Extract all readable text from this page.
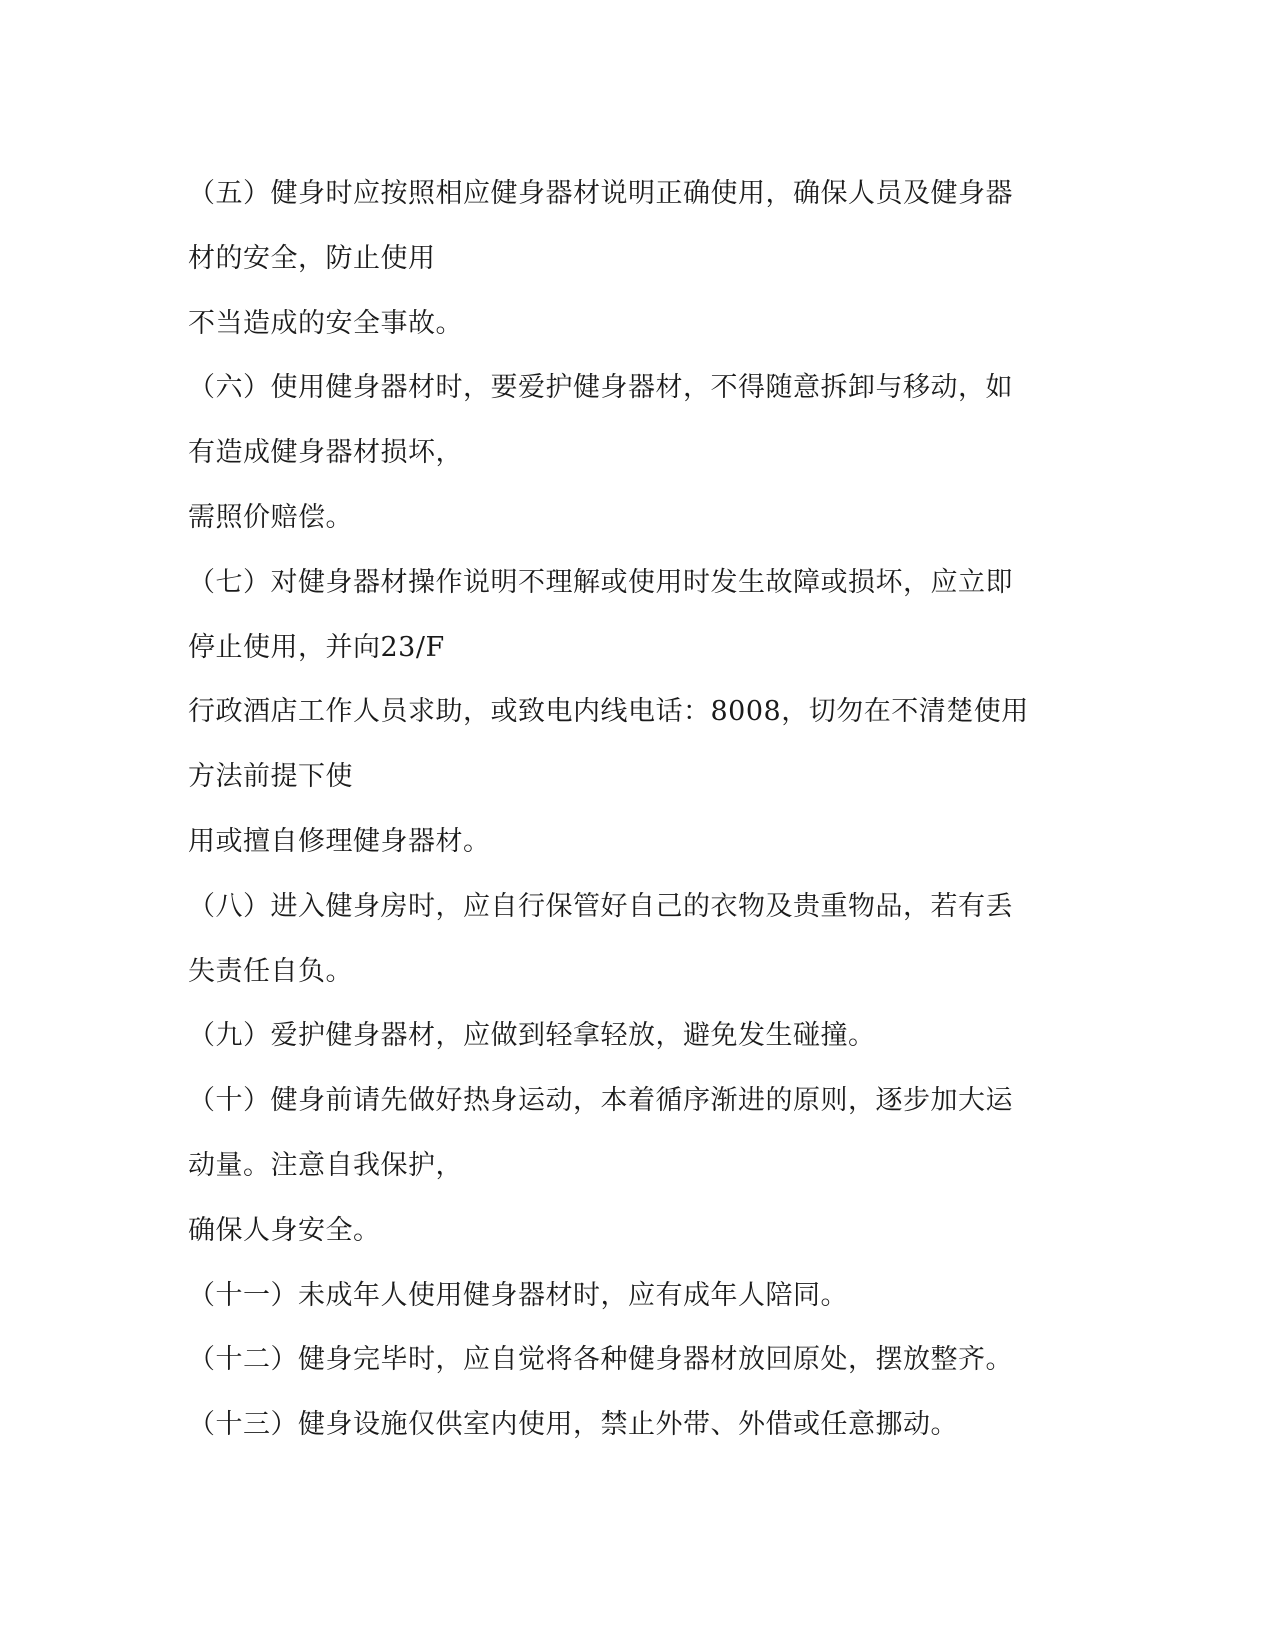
（五）健身时应按照相应健身器材说明正确使用，确保人员及健身器
材的安全，防止使用
不当造成的安全事故。
（六）使用健身器材时，要爱护健身器材，不得随意拆卸与移动，如
有造成健身器材损坏，
需照价赔偿。
（七）对健身器材操作说明不理解或使用时发生故障或损坏，应立即
停止使用，并向23/F
行政酒店工作人员求助，或致电内线电话：8008，切勿在不清楚使用
方法前提下使
用或擅自修理健身器材。
（八）进入健身房时，应自行保管好自己的衣物及贵重物品，若有丢
失责任自负。
（九）爱护健身器材，应做到轻拿轻放，避免发生碰撞。
（十）健身前请先做好热身运动，本着循序渐进的原则，逐步加大运
动量。注意自我保护，
确保人身安全。
（十一）未成年人使用健身器材时，应有成年人陪同。
（十二）健身完毕时，应自觉将各种健身器材放回原处，摆放整齐。
（十三）健身设施仅供室内使用，禁止外带、外借或任意挪动。
